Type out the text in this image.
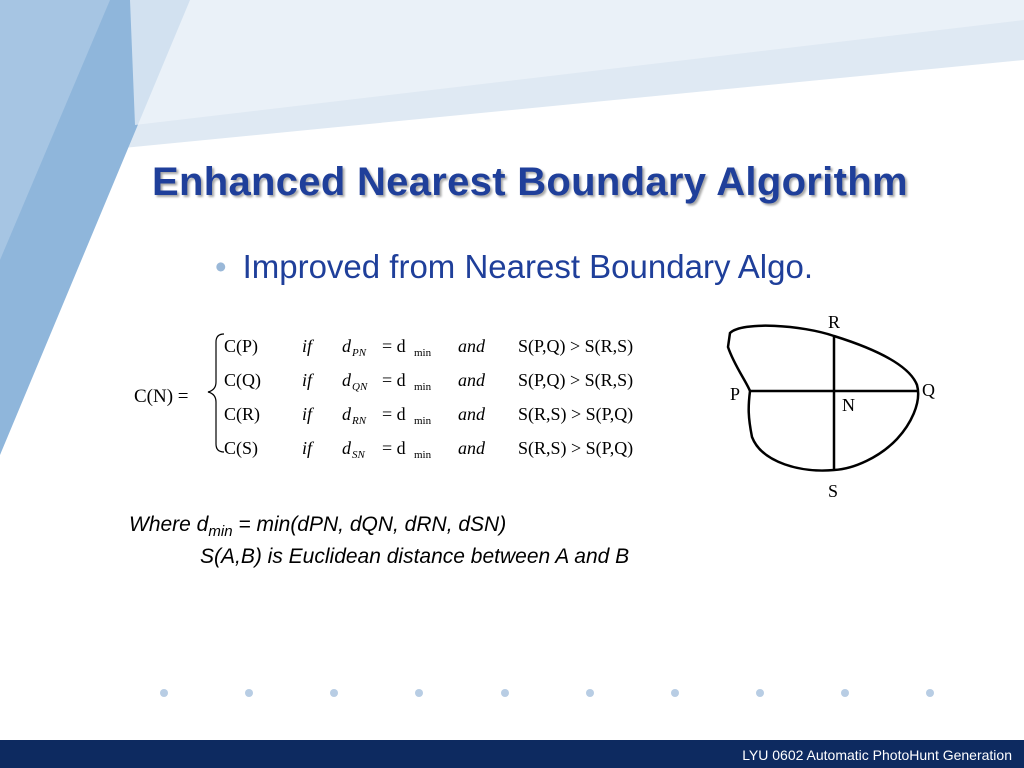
Enhanced Nearest Boundary Algorithm
• Improved from Nearest Boundary Algo.
C(N) =
C(P) if d PN = d min and S(P,Q) > S(R,S)
C(Q) if d QN = d min and S(P,Q) > S(R,S)
C(R) if d RN = d min and S(R,S) > S(P,Q)
C(S) if d SN = d min and S(R,S) > S(P,Q)
R
P	Q
N
S
Where $d_{min} = \min(dPN$, dQN, dRN, dSN)
S(A,B) is Euclidean distance between A and B
LYU 0602 Automatic PhotoHunt Generation
